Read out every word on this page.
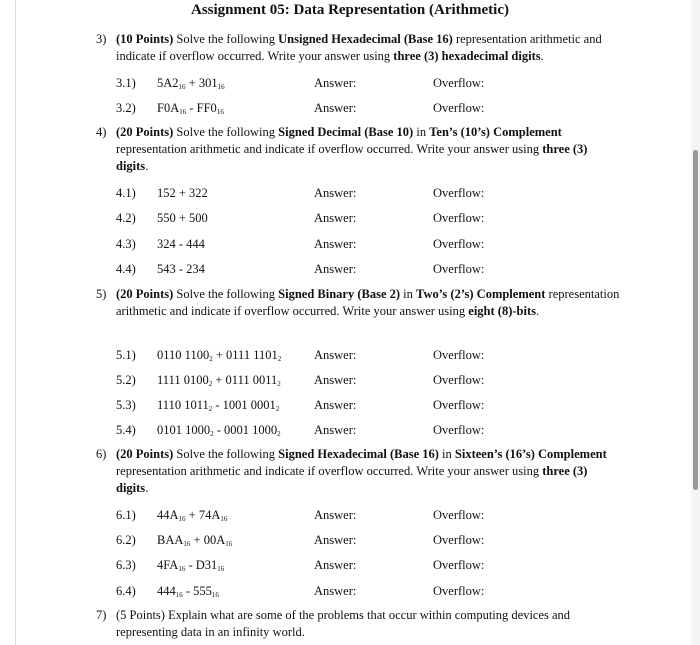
Assignment 05: Data Representation (Arithmetic)
3) (10 Points) Solve the following Unsigned Hexadecimal (Base 16) representation arithmetic and indicate if overflow occurred. Write your answer using three (3) hexadecimal digits.
3.1) $5A2_{16} + 301_{16}$	Answer:	Overflow:
3.2) $F0A_{16} - FF0_{16}$	Answer:	Overflow:
4) (20 Points) Solve the following Signed Decimal (Base 10) in Ten’s (10’s) Complement representation arithmetic and indicate if overflow occurred. Write your answer using three (3) digits.
4.1) 152 + 322	Answer:	Overflow:
4.2) 550 + 500	Answer:	Overflow:
4.3) 324 - 444	Answer:	Overflow:
4.4) 543 - 234	Answer:	Overflow:
5) (20 Points) Solve the following Signed Binary (Base 2) in Two’s (2’s) Complement representation arithmetic and indicate if overflow occurred. Write your answer using eight (8)-bits.
5.1) 0110 $1100_2 + 0111$ $1101_2$	Answer:	Overflow:
5.2) 1111 $0100_2 + 0111$ $0011_2$	Answer:	Overflow:
5.3) 1110 $1011_2 - 1001$ $0001_2$	Answer:	Overflow:
5.4) 0101 $1000_2 - 0001$ $1000_2$	Answer:	Overflow:
6) (20 Points) Solve the following Signed Hexadecimal (Base 16) in Sixteen’s (16’s) Complement representation arithmetic and indicate if overflow occurred. Write your answer using three (3) digits.
6.1) $44A_{16} + 74A_{16}$	Answer:	Overflow:
6.2) $BAA_{16} + 00A_{16}$	Answer:	Overflow:
6.3) $4FA_{16} - D31_{16}$	Answer:	Overflow:
6.4) $444_{16} - 555_{16}$	Answer:	Overflow:
7) (5 Points) Explain what are some of the problems that occur within computing devices and representing data in an infinity world.
